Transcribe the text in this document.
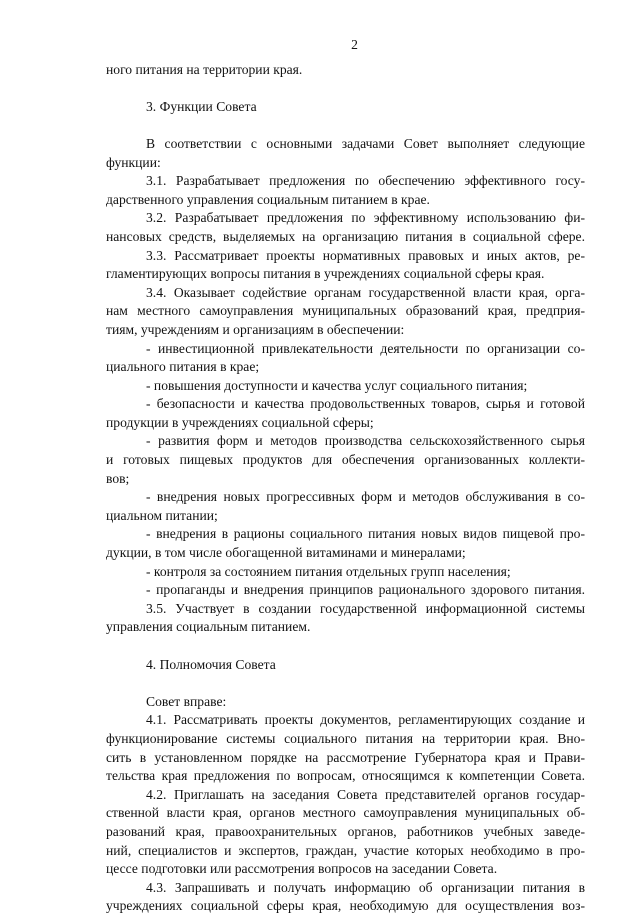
2
ного питания на территории края.
3. Функции Совета
В соответствии с основными задачами Совет выполняет следующие
функции:
3.1. Разрабатывает предложения по обеспечению эффективного госу-
дарственного управления социальным питанием в крае.
3.2. Разрабатывает предложения по эффективному использованию фи-
нансовых средств, выделяемых на организацию питания в социальной сфере.
3.3. Рассматривает проекты нормативных правовых и иных актов, ре-
гламентирующих вопросы питания в учреждениях социальной сферы края.
3.4. Оказывает содействие органам государственной власти края, орга-
нам местного самоуправления муниципальных образований края, предприя-
тиям, учреждениям и организациям в обеспечении:
- инвестиционной привлекательности деятельности по организации со-
циального питания в крае;
- повышения доступности и качества услуг социального питания;
- безопасности и качества продовольственных товаров, сырья и готовой
продукции в учреждениях социальной сферы;
- развития форм и методов производства сельскохозяйственного сырья
и готовых пищевых продуктов для обеспечения организованных коллекти-
вов;
- внедрения новых прогрессивных форм и методов обслуживания в со-
циальном питании;
- внедрения в рационы социального питания новых видов пищевой про-
дукции, в том числе обогащенной витаминами и минералами;
- контроля за состоянием питания отдельных групп населения;
- пропаганды и внедрения принципов рационального здорового питания.
3.5. Участвует в создании государственной информационной системы
управления социальным питанием.
4. Полномочия Совета
Совет вправе:
4.1. Рассматривать проекты документов, регламентирующих создание и
функционирование системы социального питания на территории края. Вно-
сить в установленном порядке на рассмотрение Губернатора края и Прави-
тельства края предложения по вопросам, относящимся к компетенции Совета.
4.2. Приглашать на заседания Совета представителей органов государ-
ственной власти края, органов местного самоуправления муниципальных об-
разований края, правоохранительных органов, работников учебных заведе-
ний, специалистов и экспертов, граждан, участие которых необходимо в про-
цессе подготовки или рассмотрения вопросов на заседании Совета.
4.3. Запрашивать и получать информацию об организации питания в
учреждениях социальной сферы края, необходимую для осуществления воз-
